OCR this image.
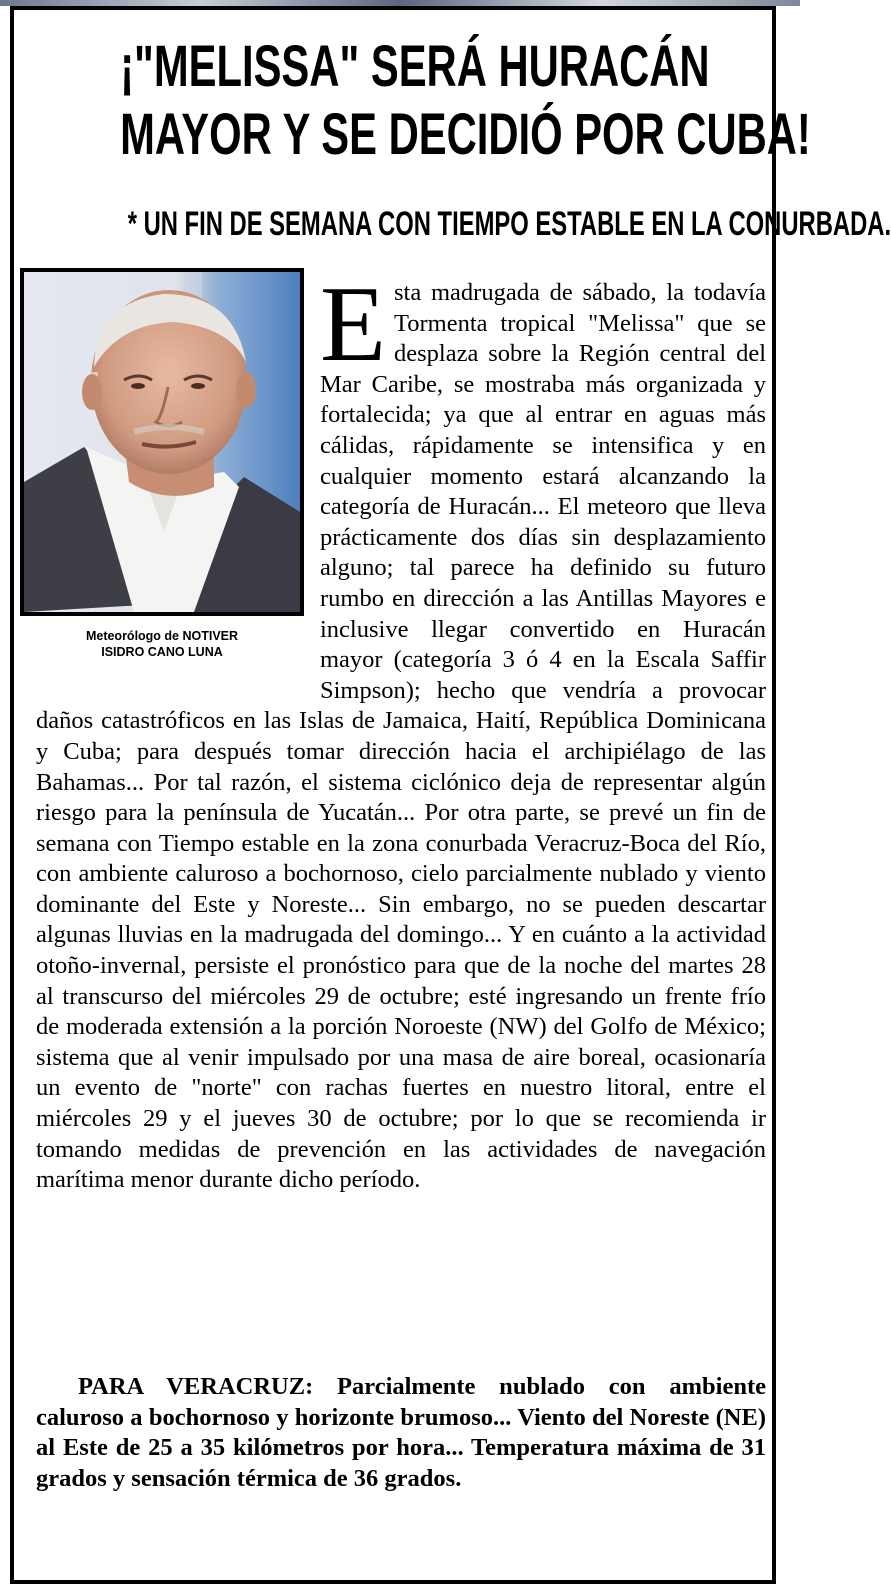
¡"MELISSA" SERÁ HURACÁN
MAYOR Y SE DECIDIÓ POR CUBA!
* UN FIN DE SEMANA CON TIEMPO ESTABLE EN LA CONURBADA.
Meteorólogo de NOTIVER
ISIDRO CANO LUNA
Esta madrugada de sábado, la todavía Tormenta tropical "Melissa" que se desplaza sobre la Región central del Mar Caribe, se mostraba más organizada y fortalecida; ya que al entrar en aguas más cálidas, rápidamente se intensifica y en cualquier momento estará alcanzando la categoría de Huracán... El meteoro que lleva prácticamente dos días sin desplazamiento alguno; tal parece ha definido su futuro rumbo en dirección a las Antillas Mayores e inclusive llegar convertido en Huracán mayor (categoría 3 ó 4 en la Escala Saffir Simpson); hecho que vendría a provocar daños catastróficos en las Islas de Jamaica, Haití, República Dominicana y Cuba; para después tomar dirección hacia el archipiélago de las Bahamas... Por tal razón, el sistema ciclónico deja de representar algún riesgo para la península de Yucatán... Por otra parte, se prevé un fin de semana con Tiempo estable en la zona conurbada Veracruz-Boca del Río, con ambiente caluroso a bochornoso, cielo parcialmente nublado y viento dominante del Este y Noreste... Sin embargo, no se pueden descartar algunas lluvias en la madrugada del domingo... Y en cuánto a la actividad otoño-invernal, persiste el pronóstico para que de la noche del martes 28 al transcurso del miércoles 29 de octubre; esté ingresando un frente frío de moderada extensión a la porción Noroeste (NW) del Golfo de México; sistema que al venir impulsado por una masa de aire boreal, ocasionaría un evento de "norte" con rachas fuertes en nuestro litoral, entre el miércoles 29 y el jueves 30 de octubre; por lo que se recomienda ir tomando medidas de prevención en las actividades de navegación marítima menor durante dicho período.
PARA VERACRUZ: Parcialmente nublado con ambiente caluroso a bochornoso y horizonte brumoso... Viento del Noreste (NE) al Este de 25 a 35 kilómetros por hora... Temperatura máxima de 31 grados y sensación térmica de 36 grados.
